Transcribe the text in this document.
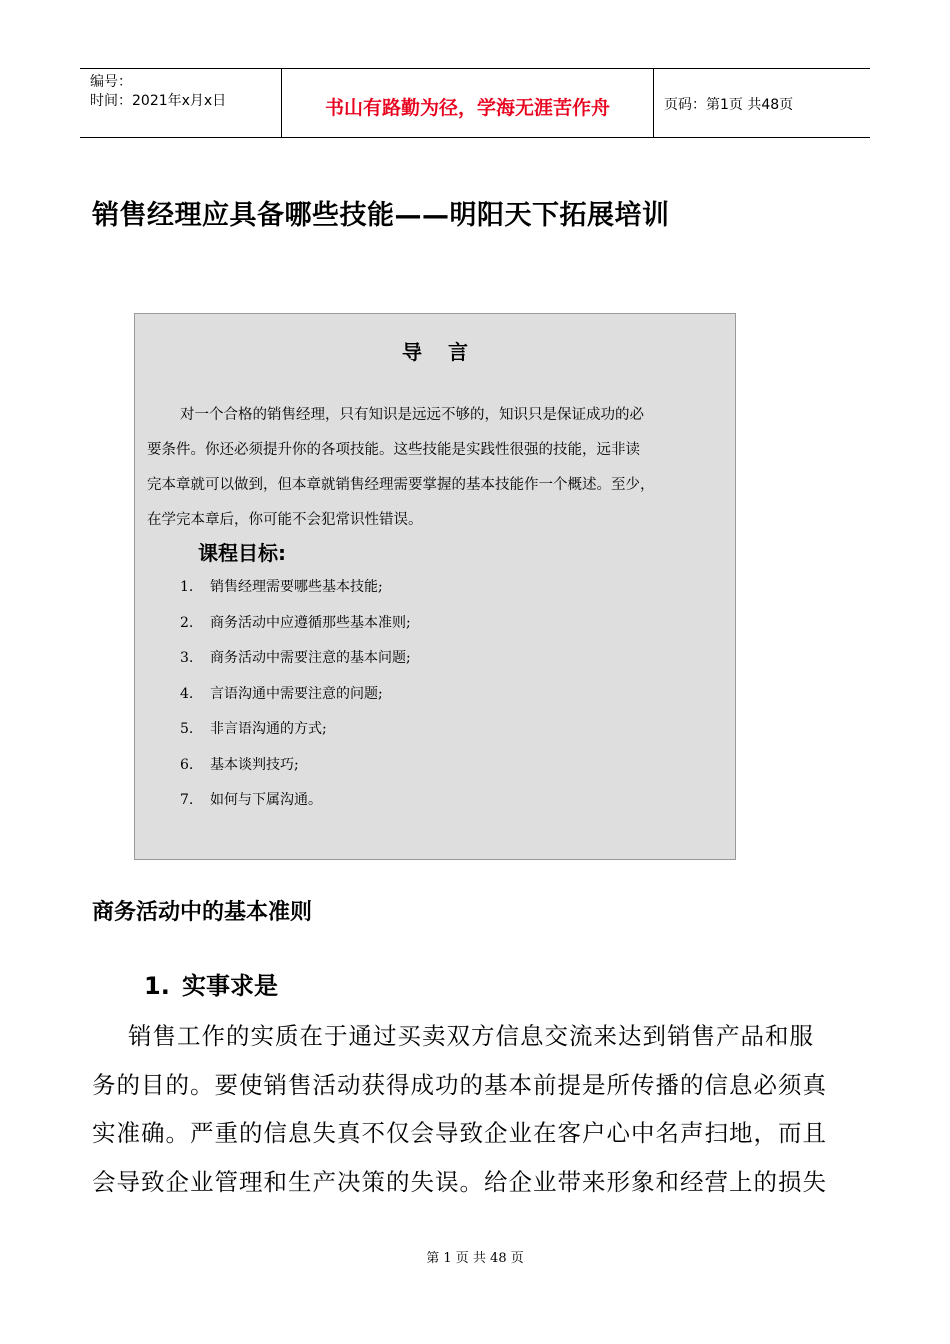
编号：
时间：2021年x月x日	书山有路勤为径，学海无涯苦作舟	页码：第1页 共48页
销售经理应具备哪些技能——明阳天下拓展培训
导言
对一个合格的销售经理，只有知识是远远不够的，知识只是保证成功的必
要条件。你还必须提升你的各项技能。这些技能是实践性很强的技能，远非读
完本章就可以做到，但本章就销售经理需要掌握的基本技能作一个概述。至少，
在学完本章后，你可能不会犯常识性错误。
课程目标:
1. 销售经理需要哪些基本技能;
2. 商务活动中应遵循那些基本准则;
3. 商务活动中需要注意的基本问题;
4. 言语沟通中需要注意的问题;
5. 非言语沟通的方式;
6. 基本谈判技巧;
7. 如何与下属沟通。
商务活动中的基本准则
1. 实事求是
销售工作的实质在于通过买卖双方信息交流来达到销售产品和服
务的目的。要使销售活动获得成功的基本前提是所传播的信息必须真
实准确。严重的信息失真不仅会导致企业在客户心中名声扫地，而且
会导致企业管理和生产决策的失误。给企业带来形象和经营上的损失
第 1 页 共 48 页
